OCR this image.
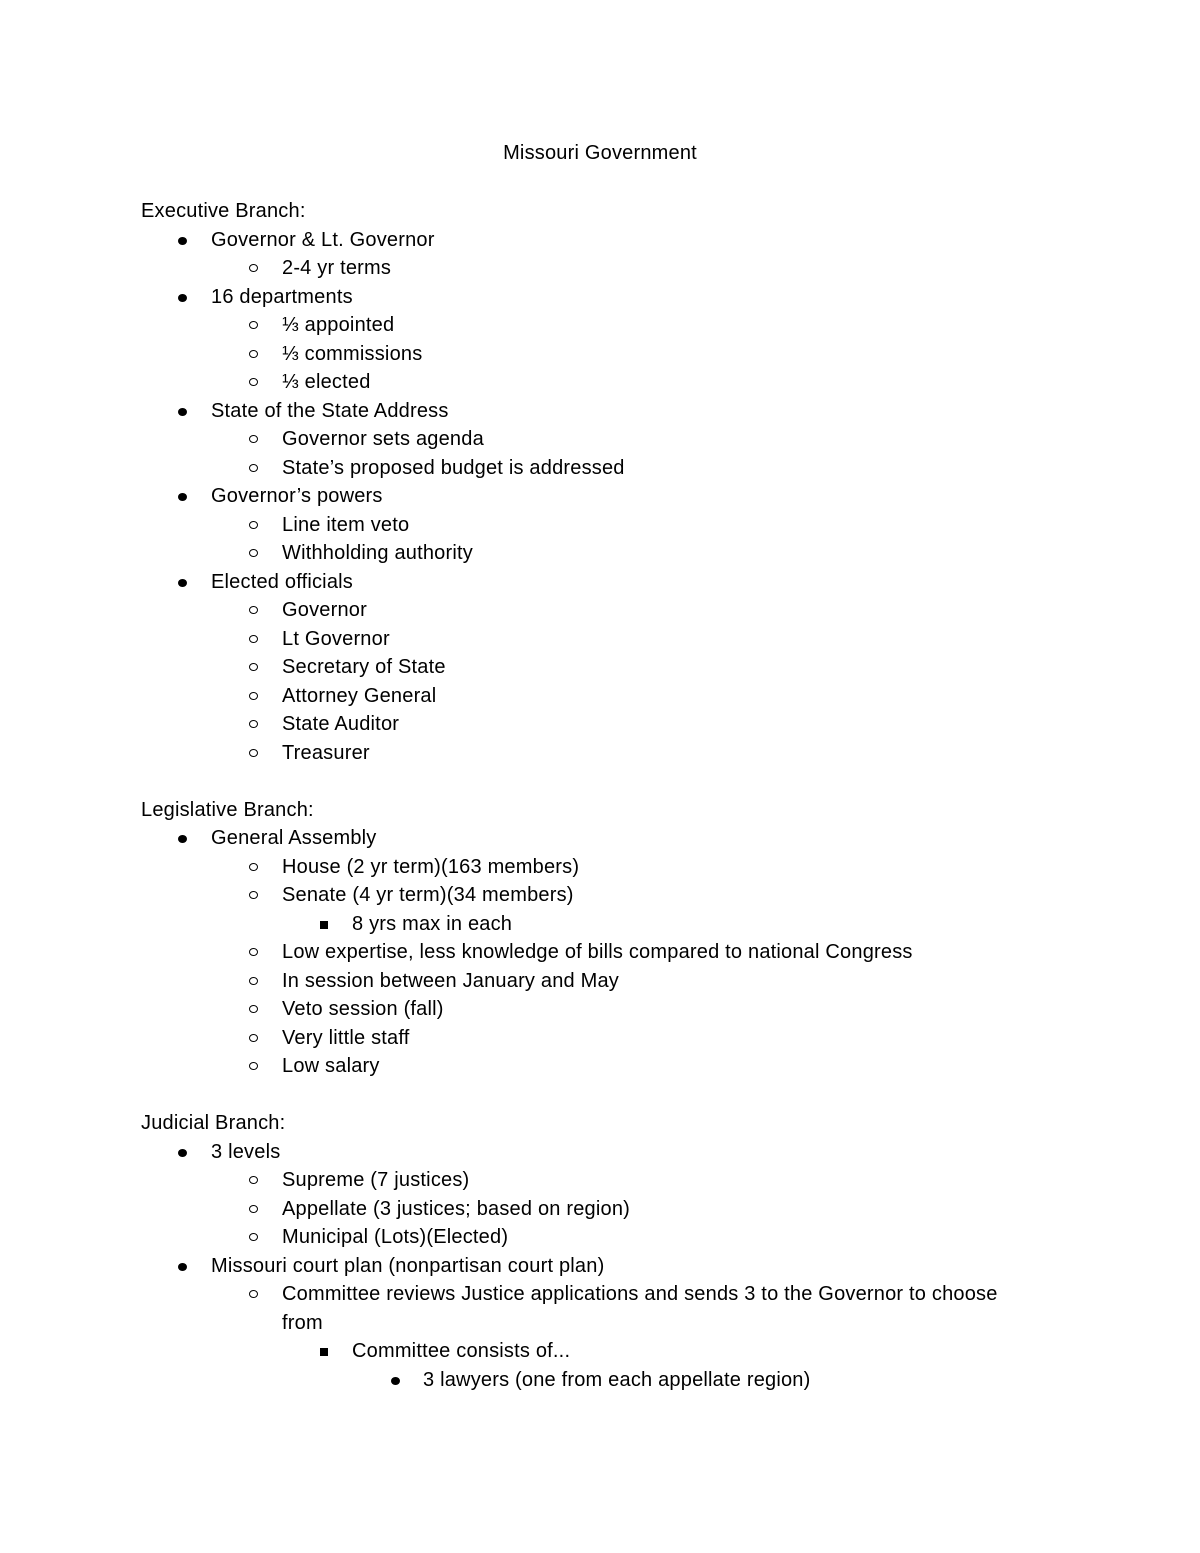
Missouri Government
Executive Branch:
Governor & Lt. Governor
2-4 yr terms
16 departments
⅓ appointed
⅓ commissions
⅓ elected
State of the State Address
Governor sets agenda
State’s proposed budget is addressed
Governor’s powers
Line item veto
Withholding authority
Elected officials
Governor
Lt Governor
Secretary of State
Attorney General
State Auditor
Treasurer
Legislative Branch:
General Assembly
House (2 yr term)(163 members)
Senate (4 yr term)(34 members)
8 yrs max in each
Low expertise, less knowledge of bills compared to national Congress
In session between January and May
Veto session (fall)
Very little staff
Low salary
Judicial Branch:
3 levels
Supreme (7 justices)
Appellate (3 justices; based on region)
Municipal (Lots)(Elected)
Missouri court plan (nonpartisan court plan)
Committee reviews Justice applications and sends 3 to the Governor to choose from
Committee consists of...
3 lawyers (one from each appellate region)
